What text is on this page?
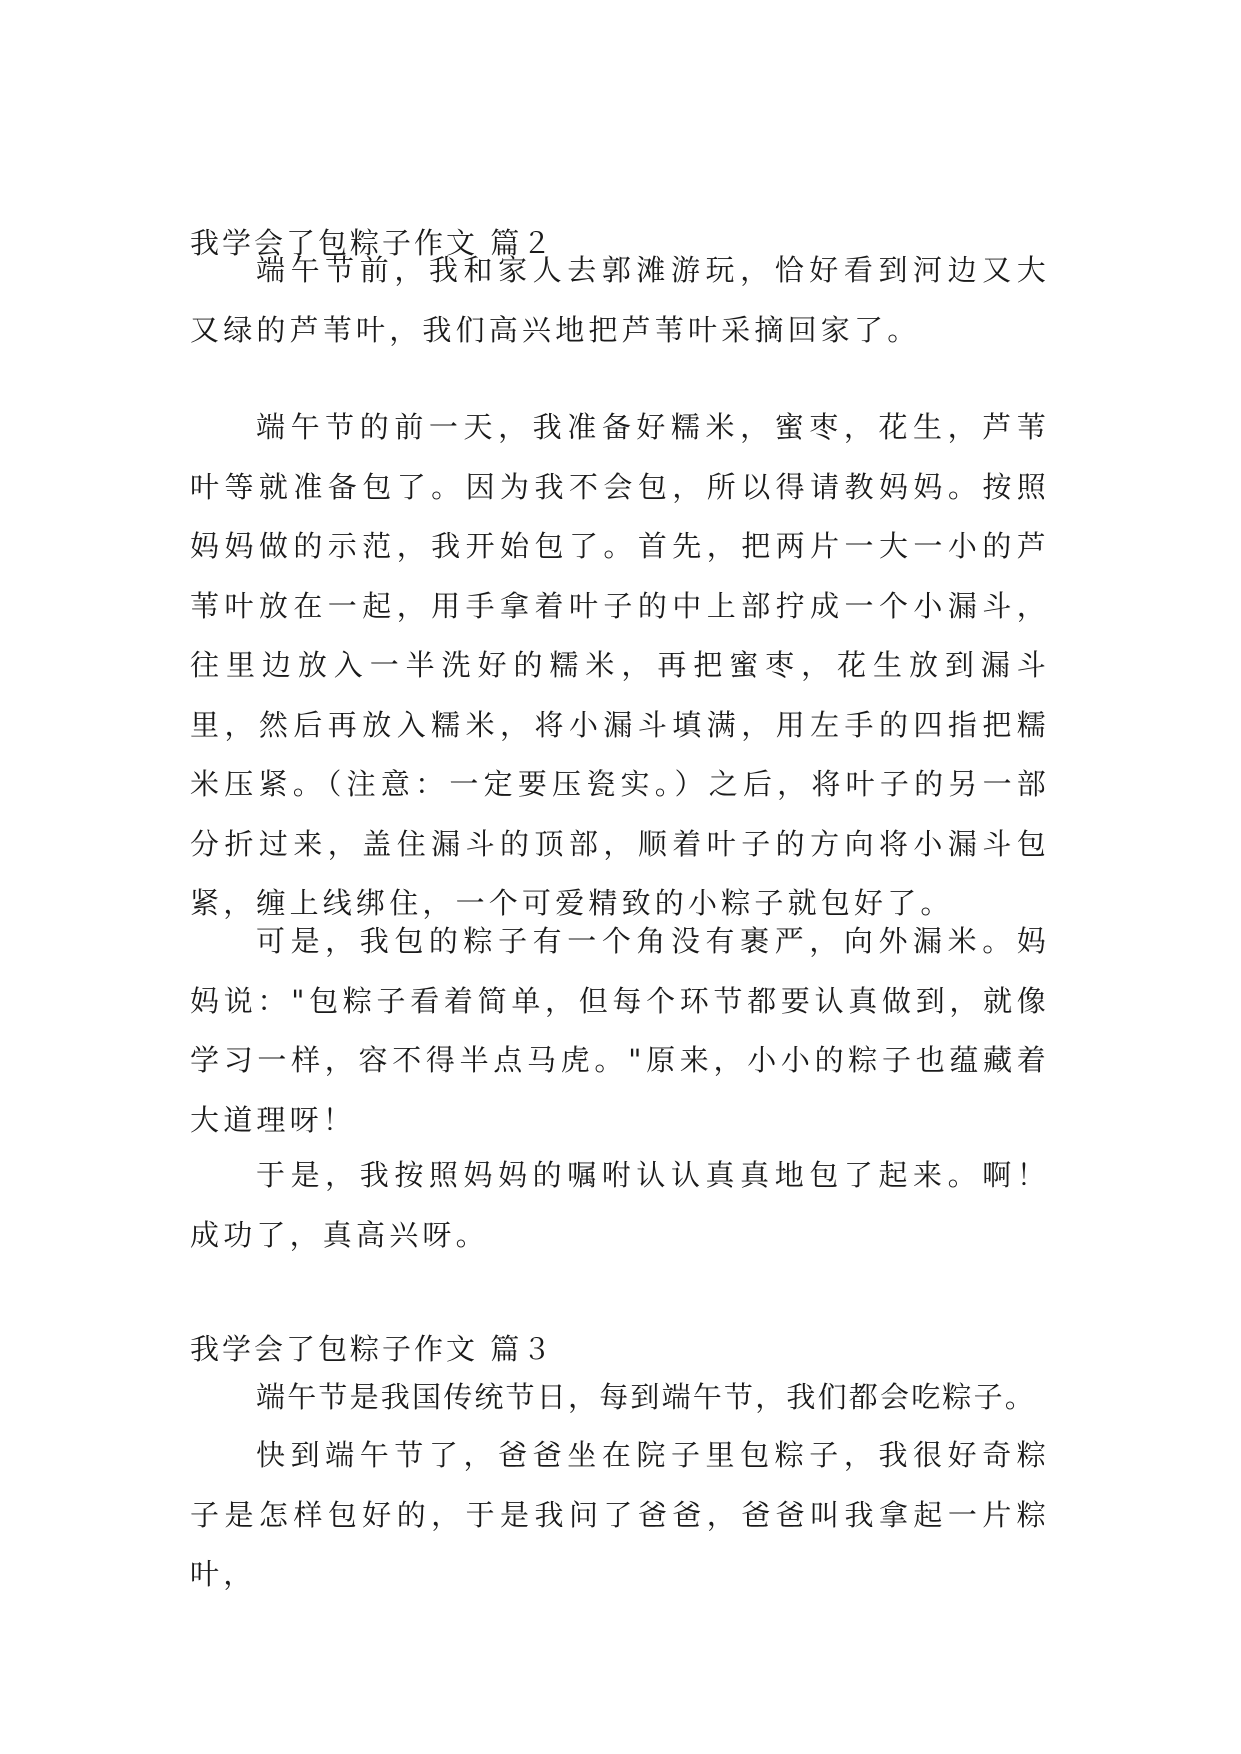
我学会了包粽子作文 篇２

端午节前，我和家人去郭滩游玩，恰好看到河边又大又绿的芦苇叶，我们高兴地把芦苇叶采摘回家了。

端午节的前一天，我准备好糯米，蜜枣，花生，芦苇叶等就准备包了。因为我不会包，所以得请教妈妈。按照妈妈做的示范，我开始包了。首先，把两片一大一小的芦苇叶放在一起，用手拿着叶子的中上部拧成一个小漏斗，往里边放入一半洗好的糯米，再把蜜枣，花生放到漏斗里，然后再放入糯米，将小漏斗填满，用左手的四指把糯米压紧。（注意：一定要压瓷实。）之后，将叶子的另一部分折过来，盖住漏斗的顶部，顺着叶子的方向将小漏斗包紧，缠上线绑住，一个可爱精致的小粽子就包好了。

可是，我包的粽子有一个角没有裹严，向外漏米。妈妈说："包粽子看着简单，但每个环节都要认真做到，就像学习一样，容不得半点马虎。"原来，小小的粽子也蕴藏着大道理呀！

于是，我按照妈妈的嘱咐认认真真地包了起来。啊！成功了，真高兴呀。

我学会了包粽子作文 篇３

端午节是我国传统节日，每到端午节，我们都会吃粽子。

快到端午节了，爸爸坐在院子里包粽子，我很好奇粽子是怎样包好的，于是我问了爸爸，爸爸叫我拿起一片粽叶，
